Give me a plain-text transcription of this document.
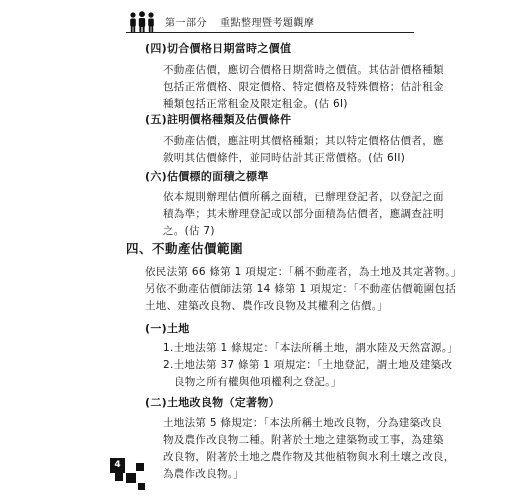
第一部分 重點整理暨考題觀摩
(四)切合價格日期當時之價值
不動產估價，應切合價格日期當時之價值。其估計價格種類
包括正常價格、限定價格、特定價格及特殊價格；估計租金
種類包括正常租金及限定租金。(估 6I)
(五)註明價格種類及估價條件
不動產估價，應註明其價格種類；其以特定價格估價者，應
敘明其估價條件，並同時估計其正常價格。(估 6II)
(六)估價標的面積之標準
依本規則辦理估價所稱之面積，已辦理登記者，以登記之面
積為準；其未辦理登記或以部分面積為估價者，應調查註明
之。(估 7)
四、不動產估價範圍
依民法第 66 條第 1 項規定：「稱不動產者，為土地及其定著物。」
另依不動產估價師法第 14 條第 1 項規定：「不動產估價範圍包括
土地、建築改良物、農作改良物及其權利之估價。」
(一)土地
1.土地法第 1 條規定：「本法所稱土地，謂水陸及天然富源。」
2.土地法第 37 條第 1 項規定：「土地登記，謂土地及建築改
良物之所有權與他項權利之登記。」
(二)土地改良物（定著物）
土地法第 5 條規定：「本法所稱土地改良物，分為建築改良
物及農作改良物二種。附著於土地之建築物或工事，為建築
改良物，附著於土地之農作物及其他植物與水利土壤之改良，
為農作改良物。」
4
